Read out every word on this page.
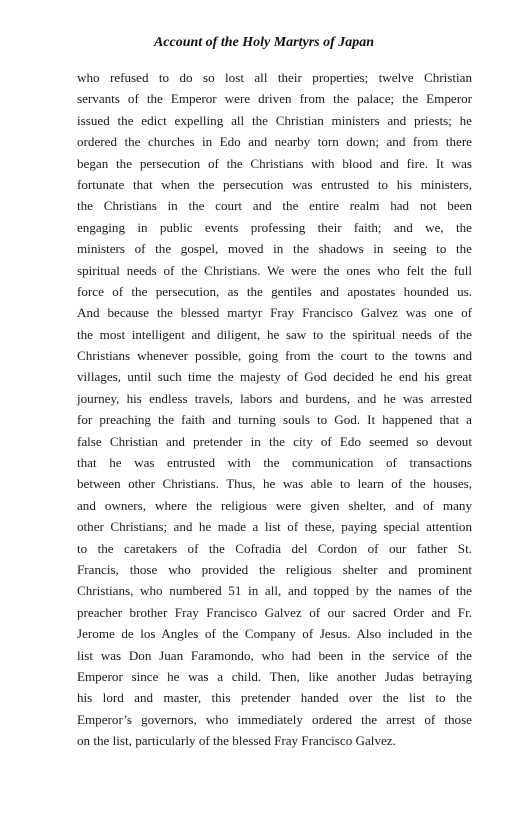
Account of the Holy Martyrs of Japan
who refused to do so lost all their properties; twelve Christian
servants of the Emperor were driven from the palace; the Emperor
issued the edict expelling all the Christian ministers and priests; he
ordered the churches in Edo and nearby torn down; and from there
began the persecution of the Christians with blood and fire. It was
fortunate that when the persecution was entrusted to his ministers,
the Christians in the court and the entire realm had not been
engaging in public events professing their faith; and we, the
ministers of the gospel, moved in the shadows in seeing to the
spiritual needs of the Christians. We were the ones who felt the full
force of the persecution, as the gentiles and apostates hounded us.
And because the blessed martyr Fray Francisco Galvez was one of
the most intelligent and diligent, he saw to the spiritual needs of the
Christians whenever possible, going from the court to the towns and
villages, until such time the majesty of God decided he end his great
journey, his endless travels, labors and burdens, and he was arrested
for preaching the faith and turning souls to God. It happened that a
false Christian and pretender in the city of Edo seemed so devout
that he was entrusted with the communication of transactions
between other Christians. Thus, he was able to learn of the houses,
and owners, where the religious were given shelter, and of many
other Christians; and he made a list of these, paying special attention
to the caretakers of the Cofradia del Cordon of our father St.
Francis, those who provided the religious shelter and prominent
Christians, who numbered 51 in all, and topped by the names of the
preacher brother Fray Francisco Galvez of our sacred Order and Fr.
Jerome de los Angles of the Company of Jesus. Also included in the
list was Don Juan Faramondo, who had been in the service of the
Emperor since he was a child. Then, like another Judas betraying
his lord and master, this pretender handed over the list to the
Emperor’s governors, who immediately ordered the arrest of those
on the list, particularly of the blessed Fray Francisco Galvez.
